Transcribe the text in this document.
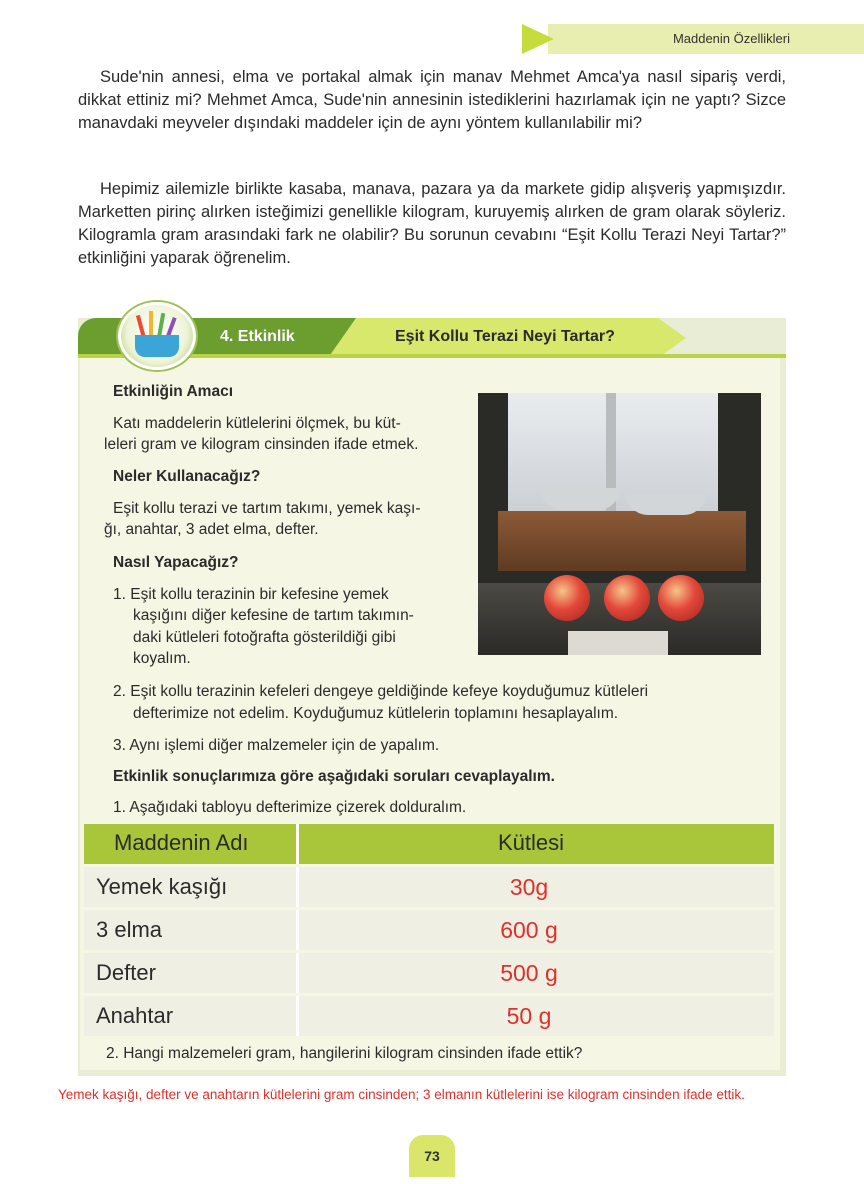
Maddenin Özellikleri

Sude'nin annesi, elma ve portakal almak için manav Mehmet Amca'ya nasıl sipariş verdi, dikkat ettiniz mi? Mehmet Amca, Sude'nin annesinin istediklerini hazırlamak için ne yaptı? Sizce manavdaki meyveler dışındaki maddeler için de aynı yöntem kullanılabilir mi?

Hepimiz ailemizle birlikte kasaba, manava, pazara ya da markete gidip alışveriş yapmışızdır. Marketten pirinç alırken isteğimizi genellikle kilogram, kuruyemiş alırken de gram olarak söyleriz. Kilogramla gram arasındaki fark ne olabilir? Bu sorunun cevabını “Eşit Kollu Terazi Neyi Tartar?” etkinliğini yaparak öğrenelim.

4. Etkinlik	Eşit Kollu Terazi Neyi Tartar?
Etkinliğin Amacı
Katı maddelerin kütlelerini ölçmek, bu küt-
leleri gram ve kilogram cinsinden ifade etmek.
Neler Kullanacağız?
Eşit kollu terazi ve tartım takımı, yemek kaşı-
ğı, anahtar, 3 adet elma, defter.
Nasıl Yapacağız?
1. Eşit kollu terazinin bir kefesine yemek
kaşığını diğer kefesine de tartım takımın-
daki kütleleri fotoğrafta gösterildiği gibi
koyalım.
2. Eşit kollu terazinin kefeleri dengeye geldiğinde kefeye koyduğumuz kütleleri
defterimize not edelim. Koyduğumuz kütlelerin toplamını hesaplayalım.
3. Aynı işlemi diğer malzemeler için de yapalım.
Etkinlik sonuçlarımıza göre aşağıdaki soruları cevaplayalım.
1. Aşağıdaki tabloyu defterimize çizerek dolduralım.
Maddenin Adı	Kütlesi
Yemek kaşığı	30g
3 elma	600 g
Defter	500 g
Anahtar	50 g
2. Hangi malzemeleri gram, hangilerini kilogram cinsinden ifade ettik?
Yemek kaşığı, defter ve anahtarın kütlelerini gram cinsinden; 3 elmanın kütlelerini ise kilogram cinsinden ifade ettik.
73
